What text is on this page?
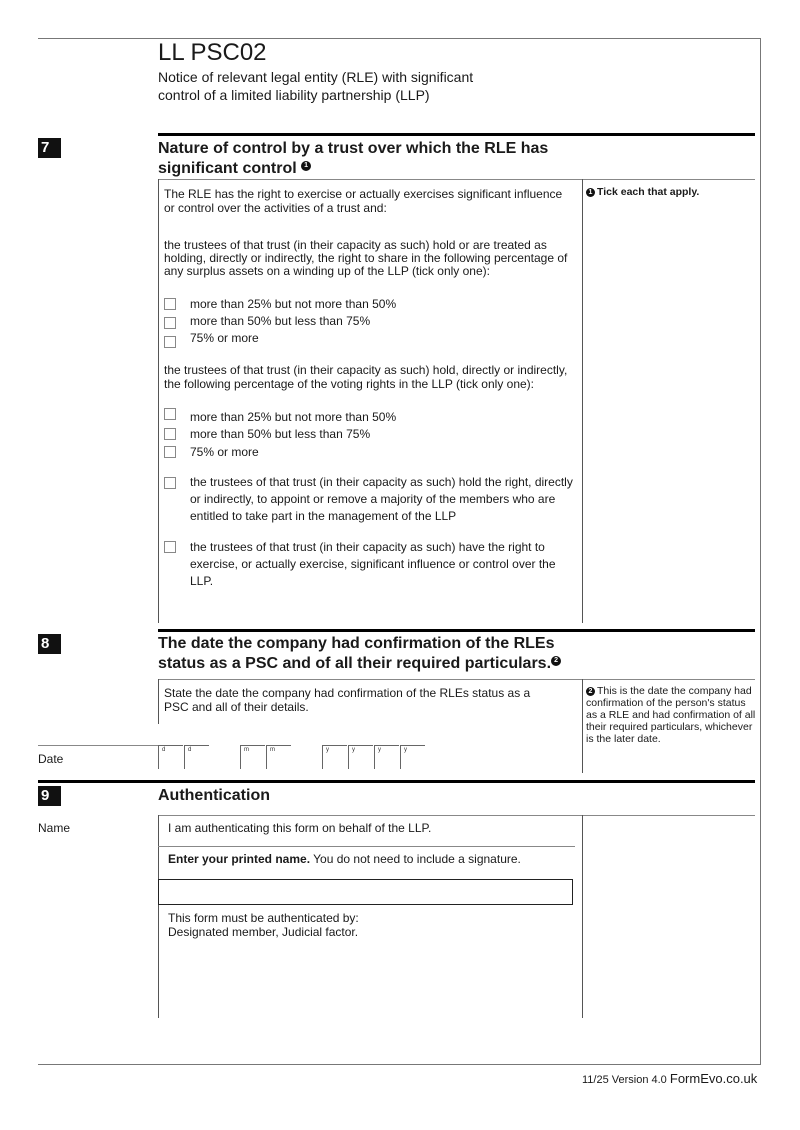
LL PSC02
Notice of relevant legal entity (RLE) with significant control of a limited liability partnership (LLP)
7	Nature of control by a trust over which the RLE has
significant control 1
The RLE has the right to exercise or actually exercises significant influence or control over the activities of a trust and:
the trustees of that trust (in their capacity as such) hold or are treated as holding, directly or indirectly, the right to share in the following percentage of any surplus assets on a winding up of the LLP (tick only one):
more than 25% but not more than 50%
more than 50% but less than 75%
75% or more
the trustees of that trust (in their capacity as such) hold, directly or indirectly, the following percentage of the voting rights in the LLP (tick only one):
more than 25% but not more than 50%
more than 50% but less than 75%
75% or more
the trustees of that trust (in their capacity as such) hold the right, directly or indirectly, to appoint or remove a majority of the members who are entitled to take part in the management of the LLP
the trustees of that trust (in their capacity as such) have the right to exercise, or actually exercise, significant influence or control over the LLP.
1 Tick each that apply.
8	The date the company had confirmation of the RLEs
status as a PSC and of all their required particulars. 2
State the date the company had confirmation of the RLEs status as a PSC and all of their details.
2 This is the date the company had confirmation of the person's status as a RLE and had confirmation of all their required particulars, whichever is the later date.
Date
d	d	m	m	y	y	y	y
9	Authentication
Name	I am authenticating this form on behalf of the LLP.
Enter your printed name. You do not need to include a signature.
This form must be authenticated by:
Designated member, Judicial factor.
11/25 Version 4.0 FormEvo.co.uk
